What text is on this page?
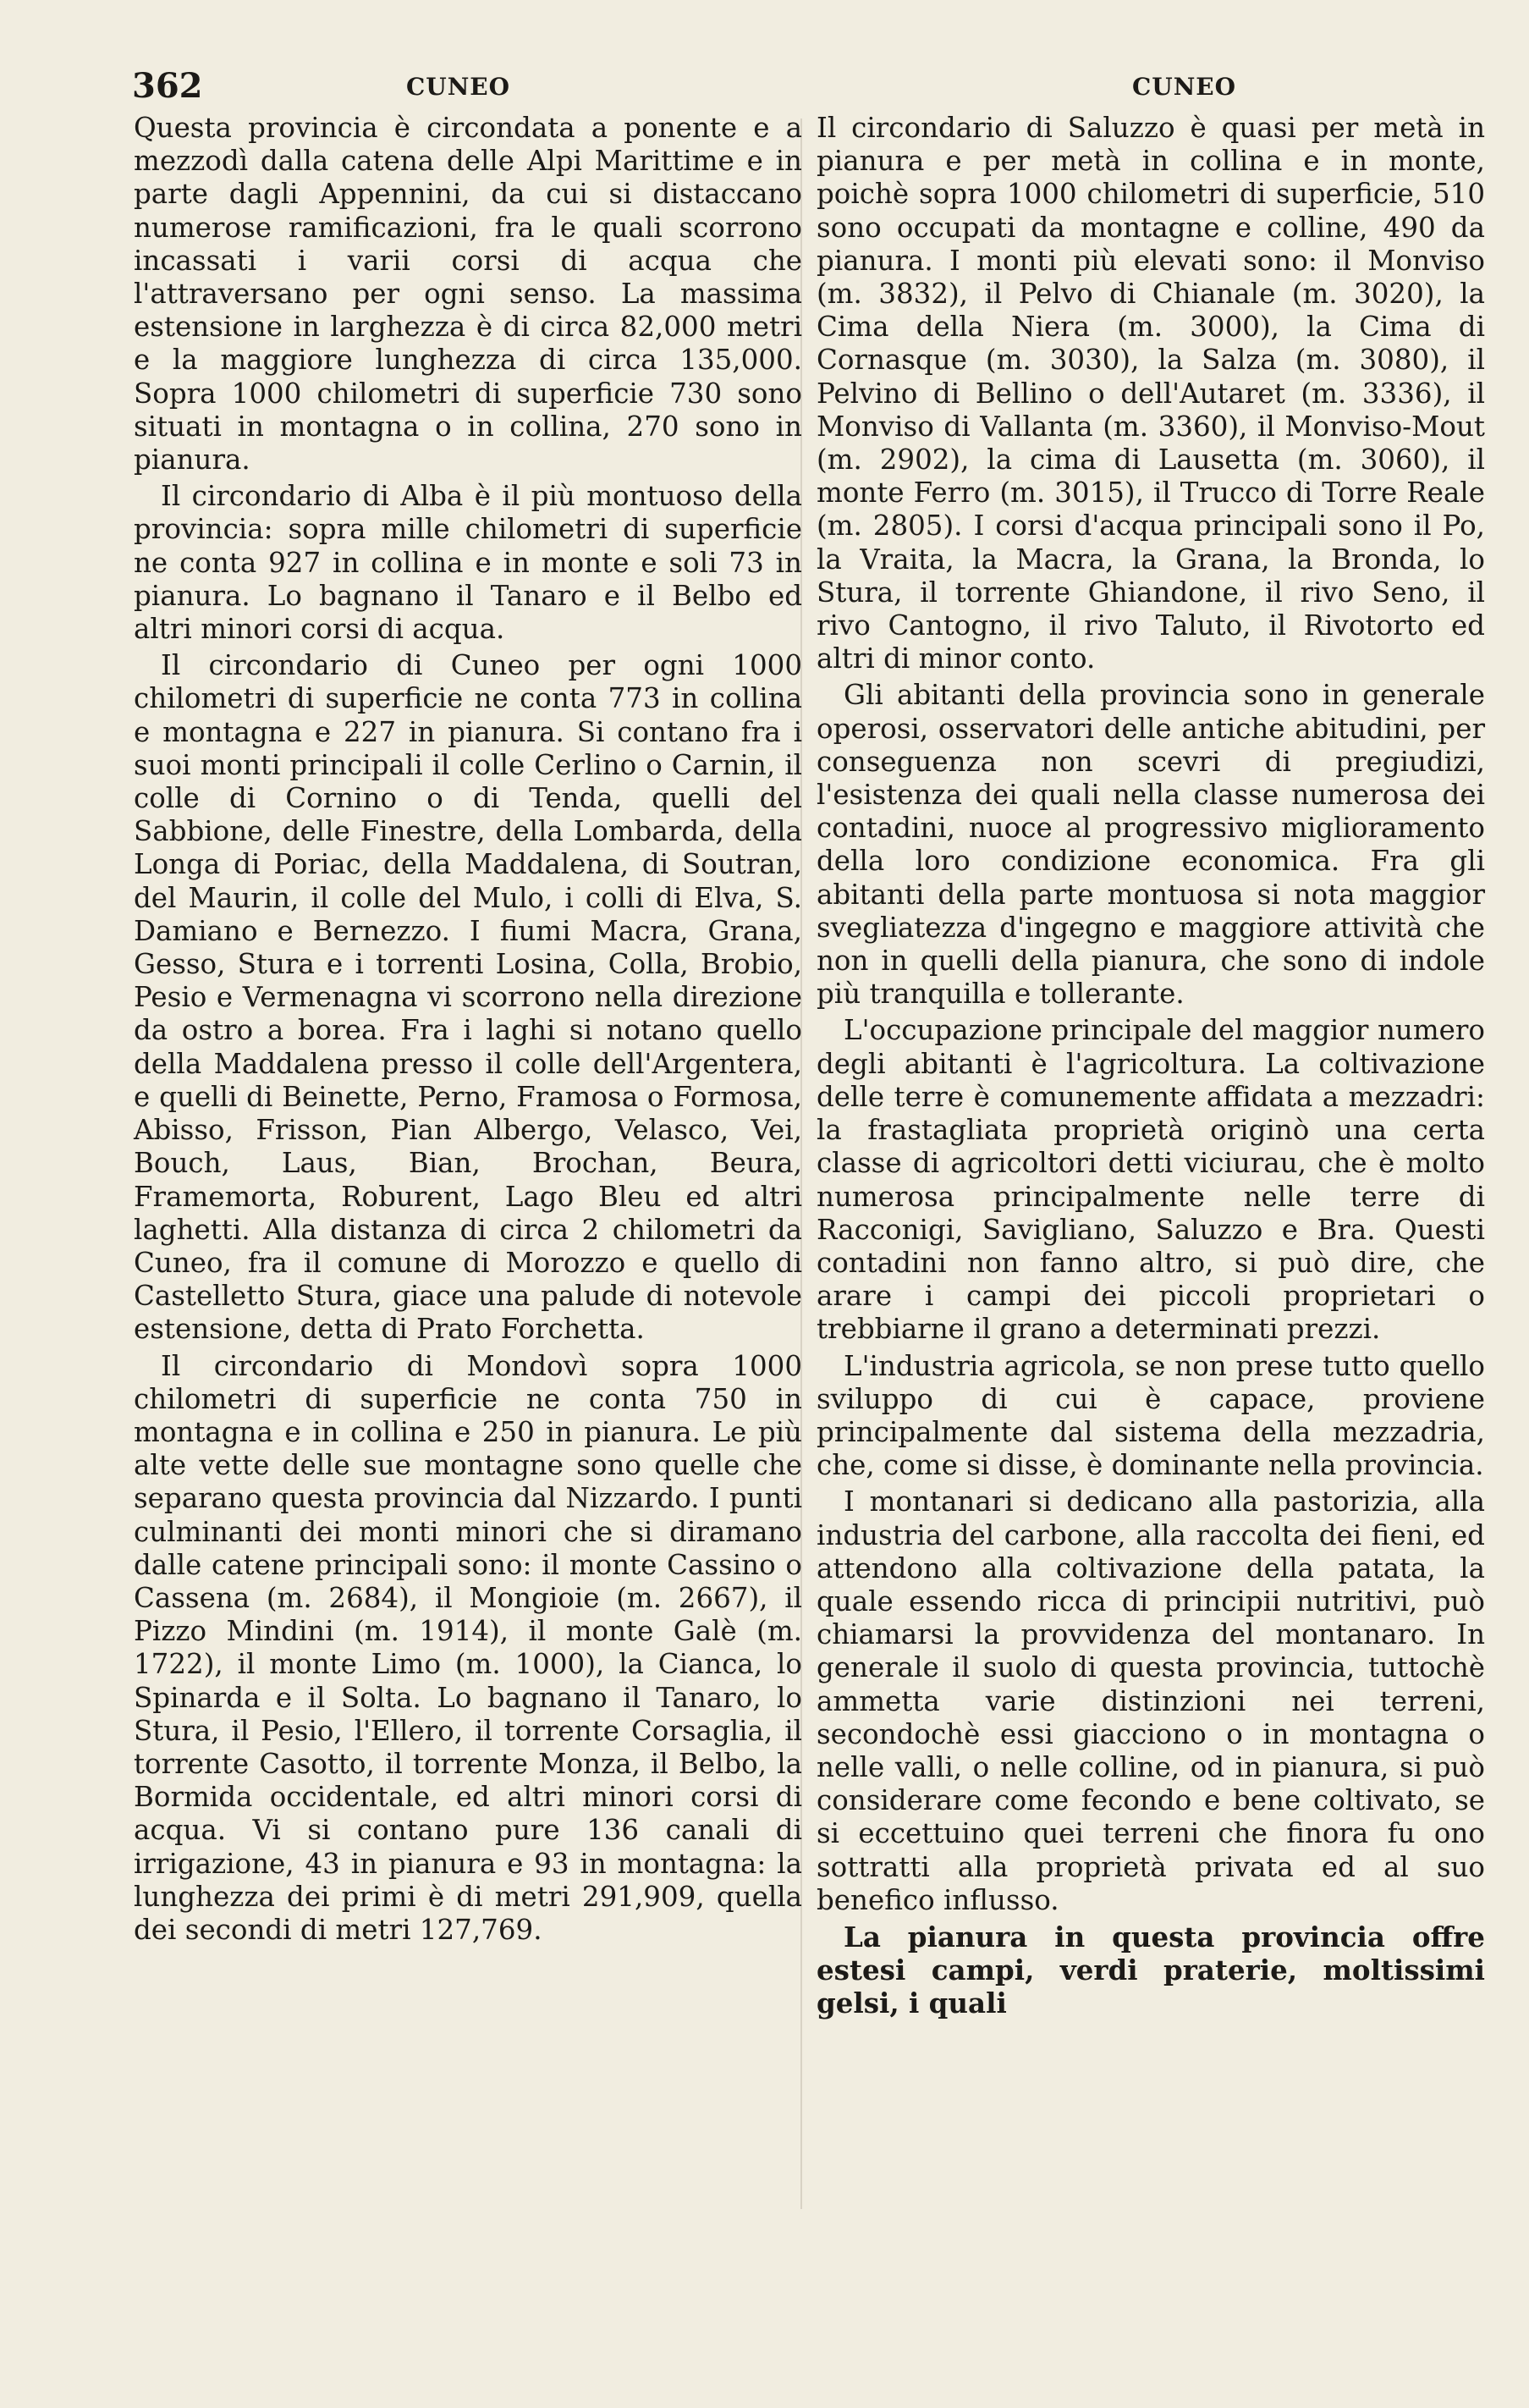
362	CUNEO	CUNEO

Questa provincia è circondata a ponente e a mezzodì dalla catena delle Alpi Marittime e in parte dagli Appennini, da cui si distaccano numerose ramificazioni, fra le quali scorrono incassati i varii corsi di acqua che l'attraversano per ogni senso. La massima estensione in larghezza è di circa 82,000 metri e la maggiore lunghezza di circa 135,000. Sopra 1000 chilometri di superficie 730 sono situati in montagna o in collina, 270 sono in pianura.

Il circondario di Alba è il più montuoso della provincia: sopra mille chilometri di superficie ne conta 927 in collina e in monte e soli 73 in pianura. Lo bagnano il Tanaro e il Belbo ed altri minori corsi di acqua.

Il circondario di Cuneo per ogni 1000 chilometri di superficie ne conta 773 in collina e montagna e 227 in pianura. Si contano fra i suoi monti principali il colle Cerlino o Carnin, il colle di Cornino o di Tenda, quelli del Sabbione, delle Finestre, della Lombarda, della Longa di Poriac, della Maddalena, di Soutran, del Maurin, il colle del Mulo, i colli di Elva, S. Damiano e Bernezzo. I fiumi Macra, Grana, Gesso, Stura e i torrenti Losina, Colla, Brobio, Pesio e Vermenagna vi scorrono nella direzione da ostro a borea. Fra i laghi si notano quello della Maddalena presso il colle dell'Argentera, e quelli di Beinette, Perno, Framosa o Formosa, Abisso, Frisson, Pian Albergo, Velasco, Vei, Bouch, Laus, Bian, Brochan, Beura, Framemorta, Roburent, Lago Bleu ed altri laghetti. Alla distanza di circa 2 chilometri da Cuneo, fra il comune di Morozzo e quello di Castelletto Stura, giace una palude di notevole estensione, detta di Prato Forchetta.

Il circondario di Mondovì sopra 1000 chilometri di superficie ne conta 750 in montagna e in collina e 250 in pianura. Le più alte vette delle sue montagne sono quelle che separano questa provincia dal Nizzardo. I punti culminanti dei monti minori che si diramano dalle catene principali sono: il monte Cassino o Cassena (m. 2684), il Mongioie (m. 2667), il Pizzo Mindini (m. 1914), il monte Galè (m. 1722), il monte Limo (m. 1000), la Cianca, lo Spinarda e il Solta. Lo bagnano il Tanaro, lo Stura, il Pesio, l'Ellero, il torrente Corsaglia, il torrente Casotto, il torrente Monza, il Belbo, la Bormida occidentale, ed altri minori corsi di acqua. Vi si contano pure 136 canali di irrigazione, 43 in pianura e 93 in montagna: la lunghezza dei primi è di metri 291,909, quella dei secondi di metri 127,769.

Il circondario di Saluzzo è quasi per metà in pianura e per metà in collina e in monte, poichè sopra 1000 chilometri di superficie, 510 sono occupati da montagne e colline, 490 da pianura. I monti più elevati sono: il Monviso (m. 3832), il Pelvo di Chianale (m. 3020), la Cima della Niera (m. 3000), la Cima di Cornasque (m. 3030), la Salza (m. 3080), il Pelvino di Bellino o dell'Autaret (m. 3336), il Monviso di Vallanta (m. 3360), il Monviso-Mout (m. 2902), la cima di Lausetta (m. 3060), il monte Ferro (m. 3015), il Trucco di Torre Reale (m. 2805). I corsi d'acqua principali sono il Po, la Vraita, la Macra, la Grana, la Bronda, lo Stura, il torrente Ghiandone, il rivo Seno, il rivo Cantogno, il rivo Taluto, il Rivotorto ed altri di minor conto.

Gli abitanti della provincia sono in generale operosi, osservatori delle antiche abitudini, per conseguenza non scevri di pregiudizi, l'esistenza dei quali nella classe numerosa dei contadini, nuoce al progressivo miglioramento della loro condizione economica. Fra gli abitanti della parte montuosa si nota maggior svegliatezza d'ingegno e maggiore attività che non in quelli della pianura, che sono di indole più tranquilla e tollerante.

L'occupazione principale del maggior numero degli abitanti è l'agricoltura. La coltivazione delle terre è comunemente affidata a mezzadri: la frastagliata proprietà originò una certa classe di agricoltori detti viciurau, che è molto numerosa principalmente nelle terre di Racconigi, Savigliano, Saluzzo e Bra. Questi contadini non fanno altro, si può dire, che arare i campi dei piccoli proprietari o trebbiarne il grano a determinati prezzi.

L'industria agricola, se non prese tutto quello sviluppo di cui è capace, proviene principalmente dal sistema della mezzadria, che, come si disse, è dominante nella provincia.

I montanari si dedicano alla pastorizia, alla industria del carbone, alla raccolta dei fieni, ed attendono alla coltivazione della patata, la quale essendo ricca di principii nutritivi, può chiamarsi la provvidenza del montanaro. In generale il suolo di questa provincia, tuttochè ammetta varie distinzioni nei terreni, secondochè essi giacciono o in montagna o nelle valli, o nelle colline, od in pianura, si può considerare come fecondo e bene coltivato, se si eccettuino quei terreni che finora fu ono sottratti alla proprietà privata ed al suo benefico influsso.

La pianura in questa provincia offre estesi campi, verdi praterie, moltissimi gelsi, i quali
